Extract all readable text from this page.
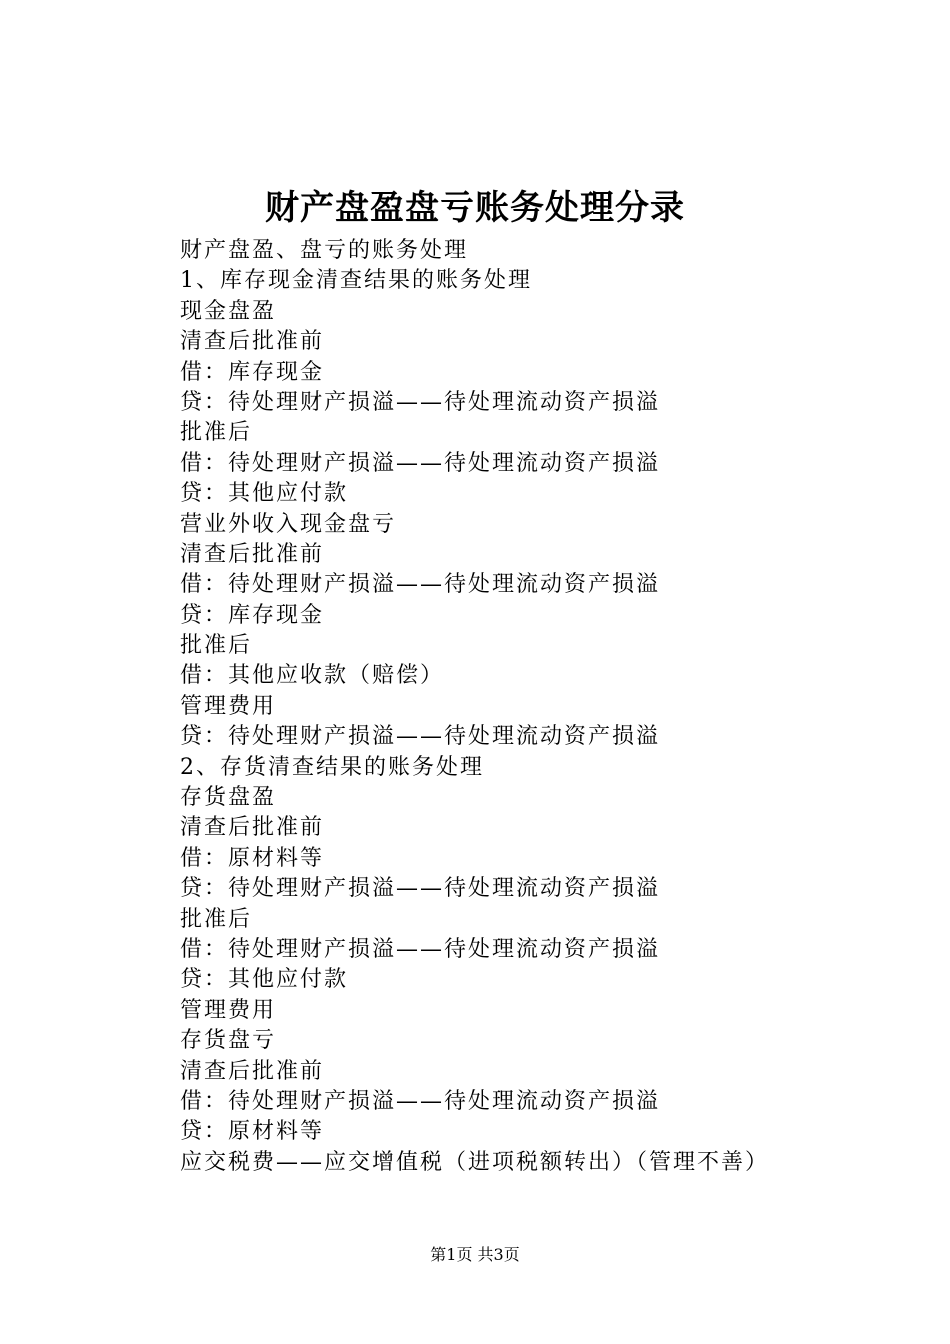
财产盘盈盘亏账务处理分录
财产盘盈、盘亏的账务处理
1、库存现金清查结果的账务处理
现金盘盈
清查后批准前
借：库存现金
贷：待处理财产损溢——待处理流动资产损溢
批准后
借：待处理财产损溢——待处理流动资产损溢
贷：其他应付款
营业外收入现金盘亏
清查后批准前
借：待处理财产损溢——待处理流动资产损溢
贷：库存现金
批准后
借：其他应收款（赔偿）
管理费用
贷：待处理财产损溢——待处理流动资产损溢
2、存货清查结果的账务处理
存货盘盈
清查后批准前
借：原材料等
贷：待处理财产损溢——待处理流动资产损溢
批准后
借：待处理财产损溢——待处理流动资产损溢
贷：其他应付款
管理费用
存货盘亏
清查后批准前
借：待处理财产损溢——待处理流动资产损溢
贷：原材料等
应交税费——应交增值税（进项税额转出）（管理不善）
第1页 共3页
